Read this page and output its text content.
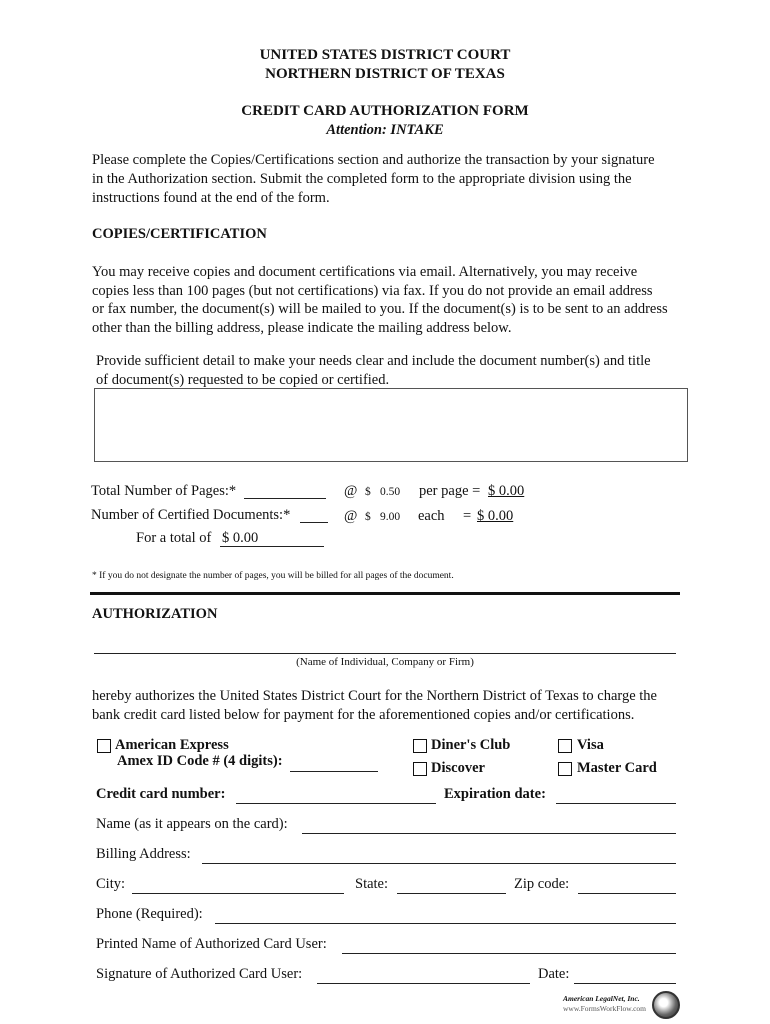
UNITED STATES DISTRICT COURT
NORTHERN DISTRICT OF TEXAS
CREDIT CARD AUTHORIZATION FORM
Attention: INTAKE
Please complete the Copies/Certifications section and authorize the transaction by your signature
in the Authorization section. Submit the completed form to the appropriate division using the
instructions found at the end of the form.
COPIES/CERTIFICATION
You may receive copies and document certifications via email. Alternatively, you may receive
copies less than 100 pages (but not certifications) via fax. If you do not provide an email address
or fax number, the document(s) will be mailed to you. If the document(s) is to be sent to an address
other than the billing address, please indicate the mailing address below.
Provide sufficient detail to make your needs clear and include the document number(s) and title
of document(s) requested to be copied or certified.
Total Number of Pages:*	@ $ 0.50 per page = $ 0.00
Number of Certified Documents:*	@ $ 9.00 each = $ 0.00
For a total of $ 0.00
* If you do not designate the number of pages, you will be billed for all pages of the document.
AUTHORIZATION
(Name of Individual, Company or Firm)
hereby authorizes the United States District Court for the Northern District of Texas to charge the
bank credit card listed below for payment for the aforementioned copies and/or certifications.
American Express
Amex ID Code # (4 digits):
Diner's Club
Discover
Visa
Master Card
Credit card number:	Expiration date:
Name (as it appears on the card):
Billing Address:
City:	State:	Zip code:
Phone (Required):
Printed Name of Authorized Card User:
Signature of Authorized Card User:	Date:
American LegalNet, Inc.
www.FormsWorkFlow.com
